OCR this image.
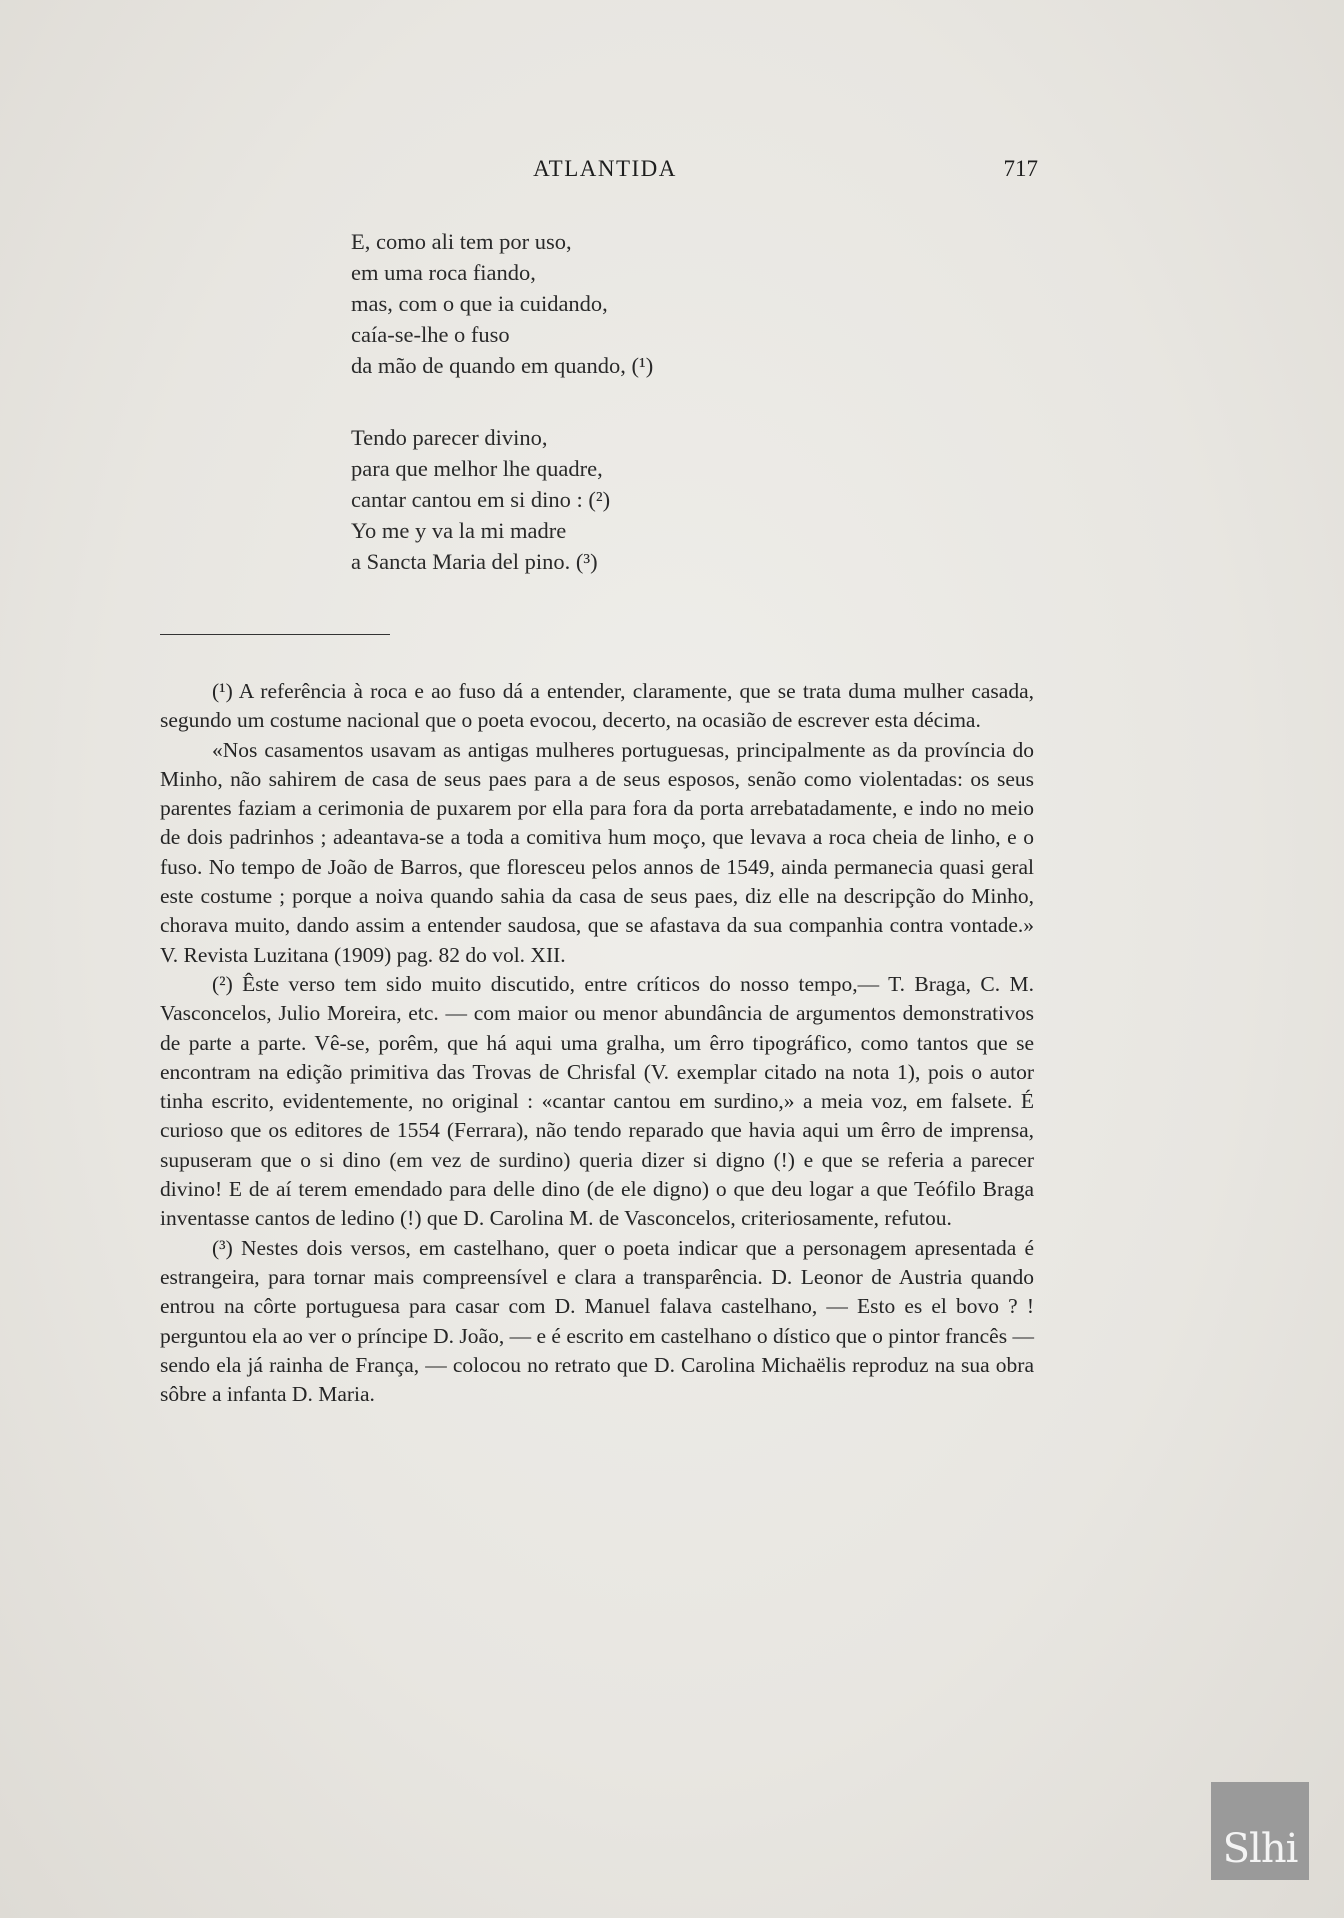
ATLANTIDA	717
E, como ali tem por uso,
em uma roca fiando,
mas, com o que ia cuidando,
caía-se-lhe o fuso
da mão de quando em quando, (¹)
Tendo parecer divino,
para que melhor lhe quadre,
cantar cantou em si dino : (²)
Yo me y va la mi madre
a Sancta Maria del pino. (³)

(¹) A referência à roca e ao fuso dá a entender, claramente, que se trata duma mulher casada, segundo um costume nacional que o poeta evocou, decerto, na ocasião de escrever esta décima.

«Nos casamentos usavam as antigas mulheres portuguesas, principalmente as da província do Minho, não sahirem de casa de seus paes para a de seus esposos, senão como violentadas: os seus parentes faziam a cerimonia de puxarem por ella para fora da porta arrebatadamente, e indo no meio de dois padrinhos ; adeantava-se a toda a comitiva hum moço, que levava a roca cheia de linho, e o fuso. No tempo de João de Barros, que floresceu pelos annos de 1549, ainda permanecia quasi geral este costume ; porque a noiva quando sahia da casa de seus paes, diz elle na descripção do Minho, chorava muito, dando assim a entender saudosa, que se afastava da sua companhia contra vontade.» V. Revista Luzitana (1909) pag. 82 do vol. XII.

(²) Êste verso tem sido muito discutido, entre críticos do nosso tempo,— T. Braga, C. M. Vasconcelos, Julio Moreira, etc. — com maior ou menor abundância de argumentos demonstrativos de parte a parte. Vê-se, porêm, que há aqui uma gralha, um êrro tipográfico, como tantos que se encontram na edição primitiva das Trovas de Chrisfal (V. exemplar citado na nota 1), pois o autor tinha escrito, evidentemente, no original : «cantar cantou em surdino,» a meia voz, em falsete. É curioso que os editores de 1554 (Ferrara), não tendo reparado que havia aqui um êrro de imprensa, supuseram que o si dino (em vez de surdino) queria dizer si digno (!) e que se referia a parecer divino! E de aí terem emendado para delle dino (de ele digno) o que deu logar a que Teófilo Braga inventasse cantos de ledino (!) que D. Carolina M. de Vasconcelos, criteriosamente, refutou.

(³) Nestes dois versos, em castelhano, quer o poeta indicar que a personagem apresentada é estrangeira, para tornar mais compreensível e clara a transparência. D. Leonor de Austria quando entrou na côrte portuguesa para casar com D. Manuel falava castelhano, — Esto es el bovo ? ! perguntou ela ao ver o príncipe D. João, — e é escrito em castelhano o dístico que o pintor francês — sendo ela já rainha de França, — colocou no retrato que D. Carolina Michaëlis reproduz na sua obra sôbre a infanta D. Maria.

Slhi
